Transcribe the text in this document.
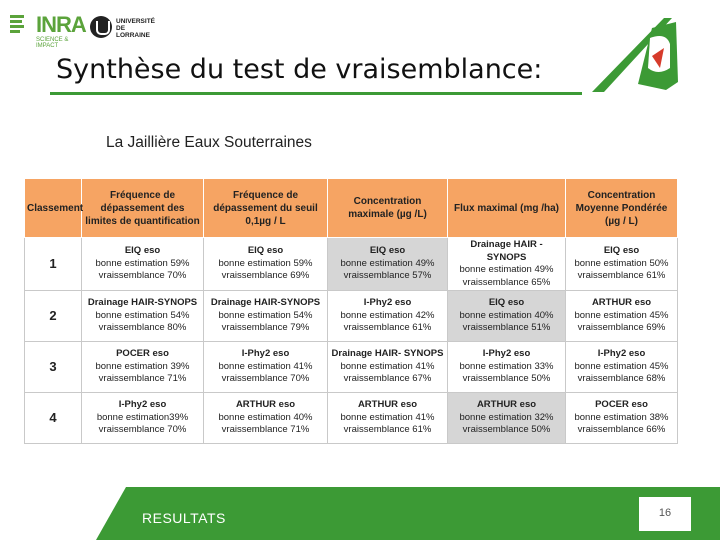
INRA
SCIENCE & IMPACT
UNIVERSITÉ DE LORRAINE
Synthèse du test de vraisemblance:
La Jaillière Eaux Souterraines
Classement	Fréquence de dépassement des limites de quantification	Fréquence de dépassement du seuil 0,1µg / L	Concentration maximale (µg /L)	Flux maximal (mg /ha)	Concentration Moyenne Pondérée (µg / L)
1	EIQ eso
bonne estimation 59%
vraissemblance 70%	EIQ eso
bonne estimation 59%
vraissemblance 69%	EIQ eso
bonne estimation 49%
vraissemblance 57%	Drainage HAIR - SYNOPS
bonne estimation 49%
vraissemblance 65%	EIQ eso
bonne estimation 50%
vraissemblance 61%

2	Drainage HAIR-SYNOPS
bonne estimation 54%
vraissemblance 80%	Drainage HAIR-SYNOPS
bonne estimation 54%
vraissemblance 79%	I-Phy2 eso
bonne estimation 42%
vraissemblance 61%	EIQ eso
bonne estimation 40%
vraissemblance 51%	ARTHUR eso
bonne estimation 45%
vraissemblance 69%

3	POCER eso
bonne estimation 39%
vraissemblance 71%	I-Phy2 eso
bonne estimation 41%
vraissemblance 70%	Drainage HAIR- SYNOPS
bonne estimation 41%
vraissemblance 67%	I-Phy2 eso
bonne estimation 33%
vraissemblance 50%	I-Phy2 eso
bonne estimation 45%
vraissemblance 68%

4	I-Phy2 eso
bonne estimation39%
vraissemblance 70%	ARTHUR eso
bonne estimation 40%
vraissemblance 71%	ARTHUR eso
bonne estimation 41%
vraissemblance 61%	ARTHUR eso
bonne estimation 32%
vraissemblance 50%	POCER eso
bonne estimation 38%
vraissemblance 66%
RESULTATS	16
